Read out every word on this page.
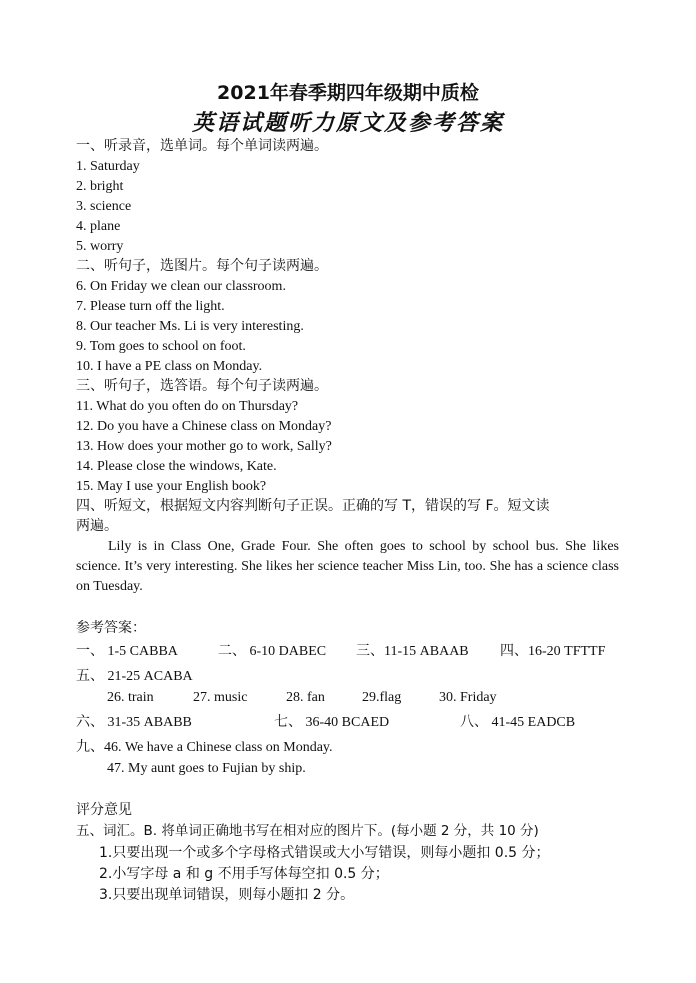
2021年春季期四年级期中质检
英语试题听力原文及参考答案
一、听录音，选单词。每个单词读两遍。
1. Saturday
2. bright
3. science
4. plane
5. worry
二、听句子，选图片。每个句子读两遍。
6. On Friday we clean our classroom.
7. Please turn off the light.
8. Our teacher Ms. Li is very interesting.
9. Tom goes to school on foot.
10. I have a PE class on Monday.
三、听句子，选答语。每个句子读两遍。
11. What do you often do on Thursday?
12. Do you have a Chinese class on Monday?
13. How does your mother go to work, Sally?
14. Please close the windows, Kate.
15. May I use your English book?
四、听短文，根据短文内容判断句子正误。正确的写 T，错误的写 F。短文读
两遍。
Lily is in Class One, Grade Four. She often goes to school by school bus. She likes science. It’s very interesting. She likes her science teacher Miss Lin, too. She has a science class on Tuesday.
参考答案：
一、 1-5 CABBA	二、 6-10 DABEC 三、11-15 ABAAB 四、16-20 TFTTF
五、 21-25 ACABA
26. train	27. music	28. fan	29.flag	30. Friday
六、 31-35 ABABB	七、 36-40 BCAED	八、 41-45 EADCB
九、46. We have a Chinese class on Monday.
47. My aunt goes to Fujian by ship.
评分意见
五、词汇。B. 将单词正确地书写在相对应的图片下。(每小题 2 分，共 10 分)
1.只要出现一个或多个字母格式错误或大小写错误，则每小题扣 0.5 分；
2.小写字母 a 和 g 不用手写体每空扣 0.5 分；
3.只要出现单词错误，则每小题扣 2 分。
